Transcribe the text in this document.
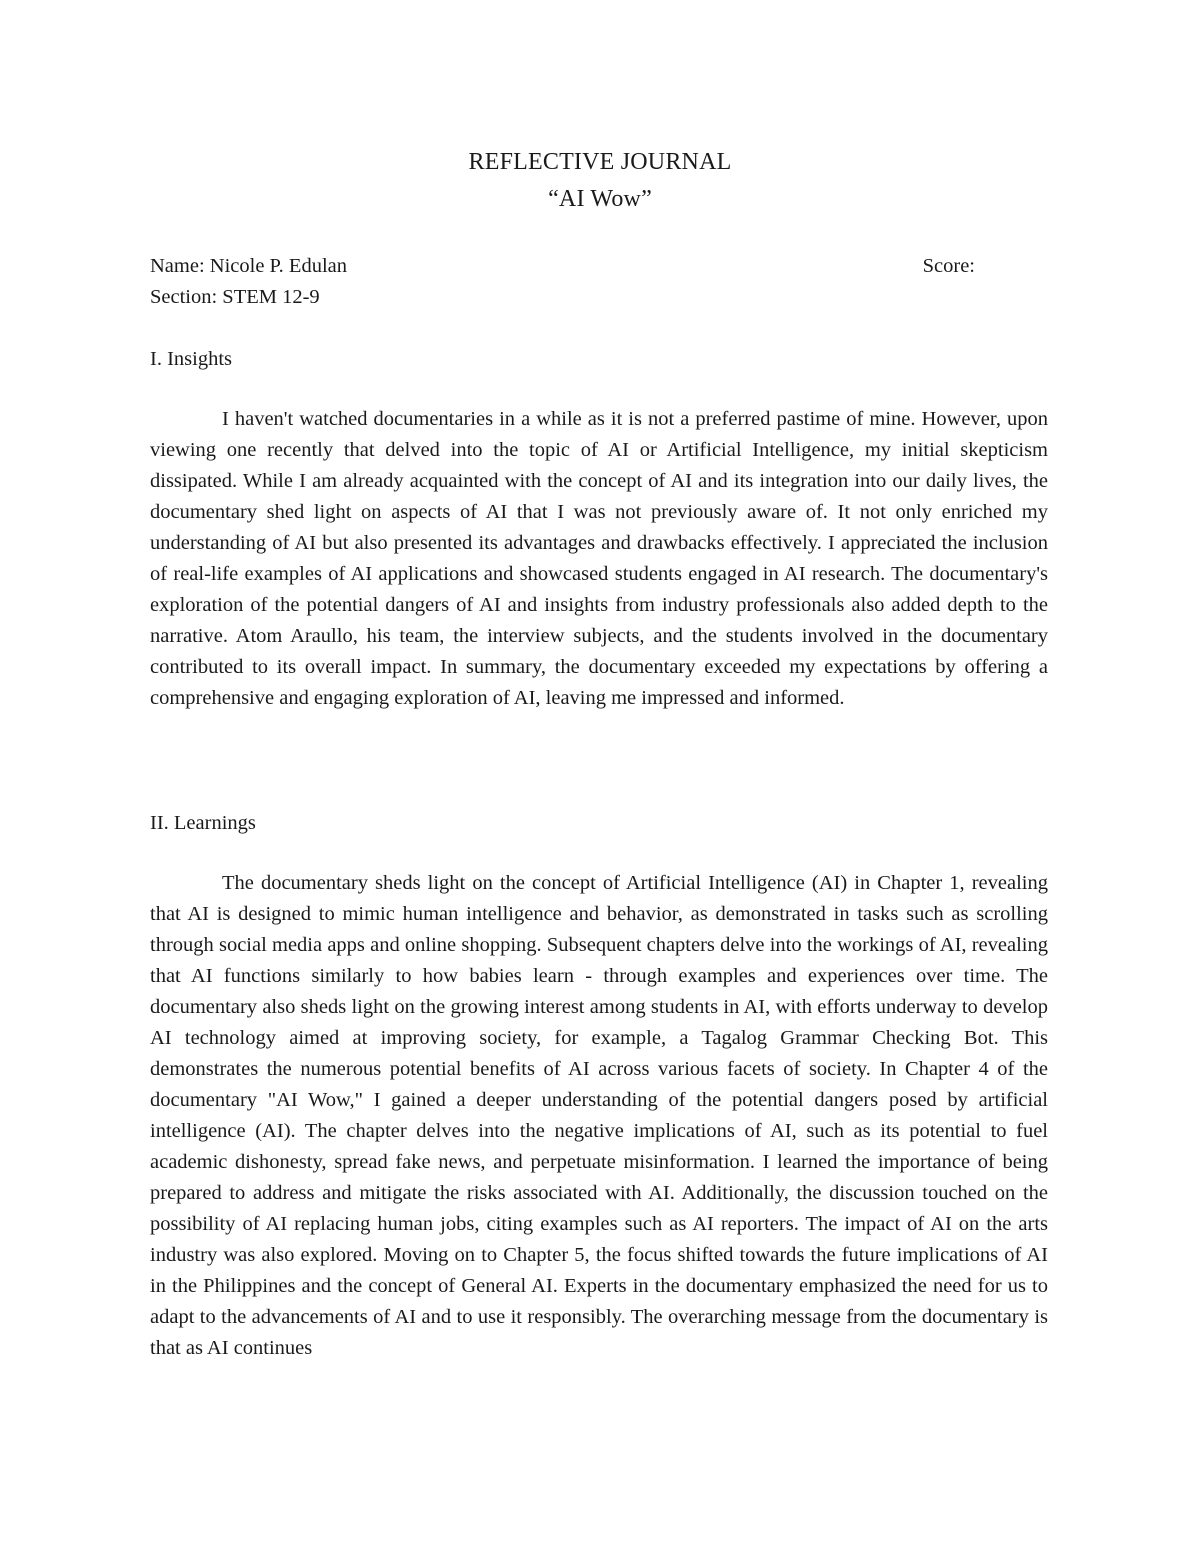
REFLECTIVE JOURNAL
“AI Wow”
Name: Nicole P. Edulan	Score:
Section: STEM 12-9
I. Insights

I haven't watched documentaries in a while as it is not a preferred pastime of mine. However, upon viewing one recently that delved into the topic of AI or Artificial Intelligence, my initial skepticism dissipated. While I am already acquainted with the concept of AI and its integration into our daily lives, the documentary shed light on aspects of AI that I was not previously aware of. It not only enriched my understanding of AI but also presented its advantages and drawbacks effectively. I appreciated the inclusion of real-life examples of AI applications and showcased students engaged in AI research. The documentary's exploration of the potential dangers of AI and insights from industry professionals also added depth to the narrative. Atom Araullo, his team, the interview subjects, and the students involved in the documentary contributed to its overall impact. In summary, the documentary exceeded my expectations by offering a comprehensive and engaging exploration of AI, leaving me impressed and informed.

II. Learnings

The documentary sheds light on the concept of Artificial Intelligence (AI) in Chapter 1, revealing that AI is designed to mimic human intelligence and behavior, as demonstrated in tasks such as scrolling through social media apps and online shopping. Subsequent chapters delve into the workings of AI, revealing that AI functions similarly to how babies learn - through examples and experiences over time. The documentary also sheds light on the growing interest among students in AI, with efforts underway to develop AI technology aimed at improving society, for example, a Tagalog Grammar Checking Bot. This demonstrates the numerous potential benefits of AI across various facets of society. In Chapter 4 of the documentary "AI Wow," I gained a deeper understanding of the potential dangers posed by artificial intelligence (AI). The chapter delves into the negative implications of AI, such as its potential to fuel academic dishonesty, spread fake news, and perpetuate misinformation. I learned the importance of being prepared to address and mitigate the risks associated with AI. Additionally, the discussion touched on the possibility of AI replacing human jobs, citing examples such as AI reporters. The impact of AI on the arts industry was also explored. Moving on to Chapter 5, the focus shifted towards the future implications of AI in the Philippines and the concept of General AI. Experts in the documentary emphasized the need for us to adapt to the advancements of AI and to use it responsibly. The overarching message from the documentary is that as AI continues
